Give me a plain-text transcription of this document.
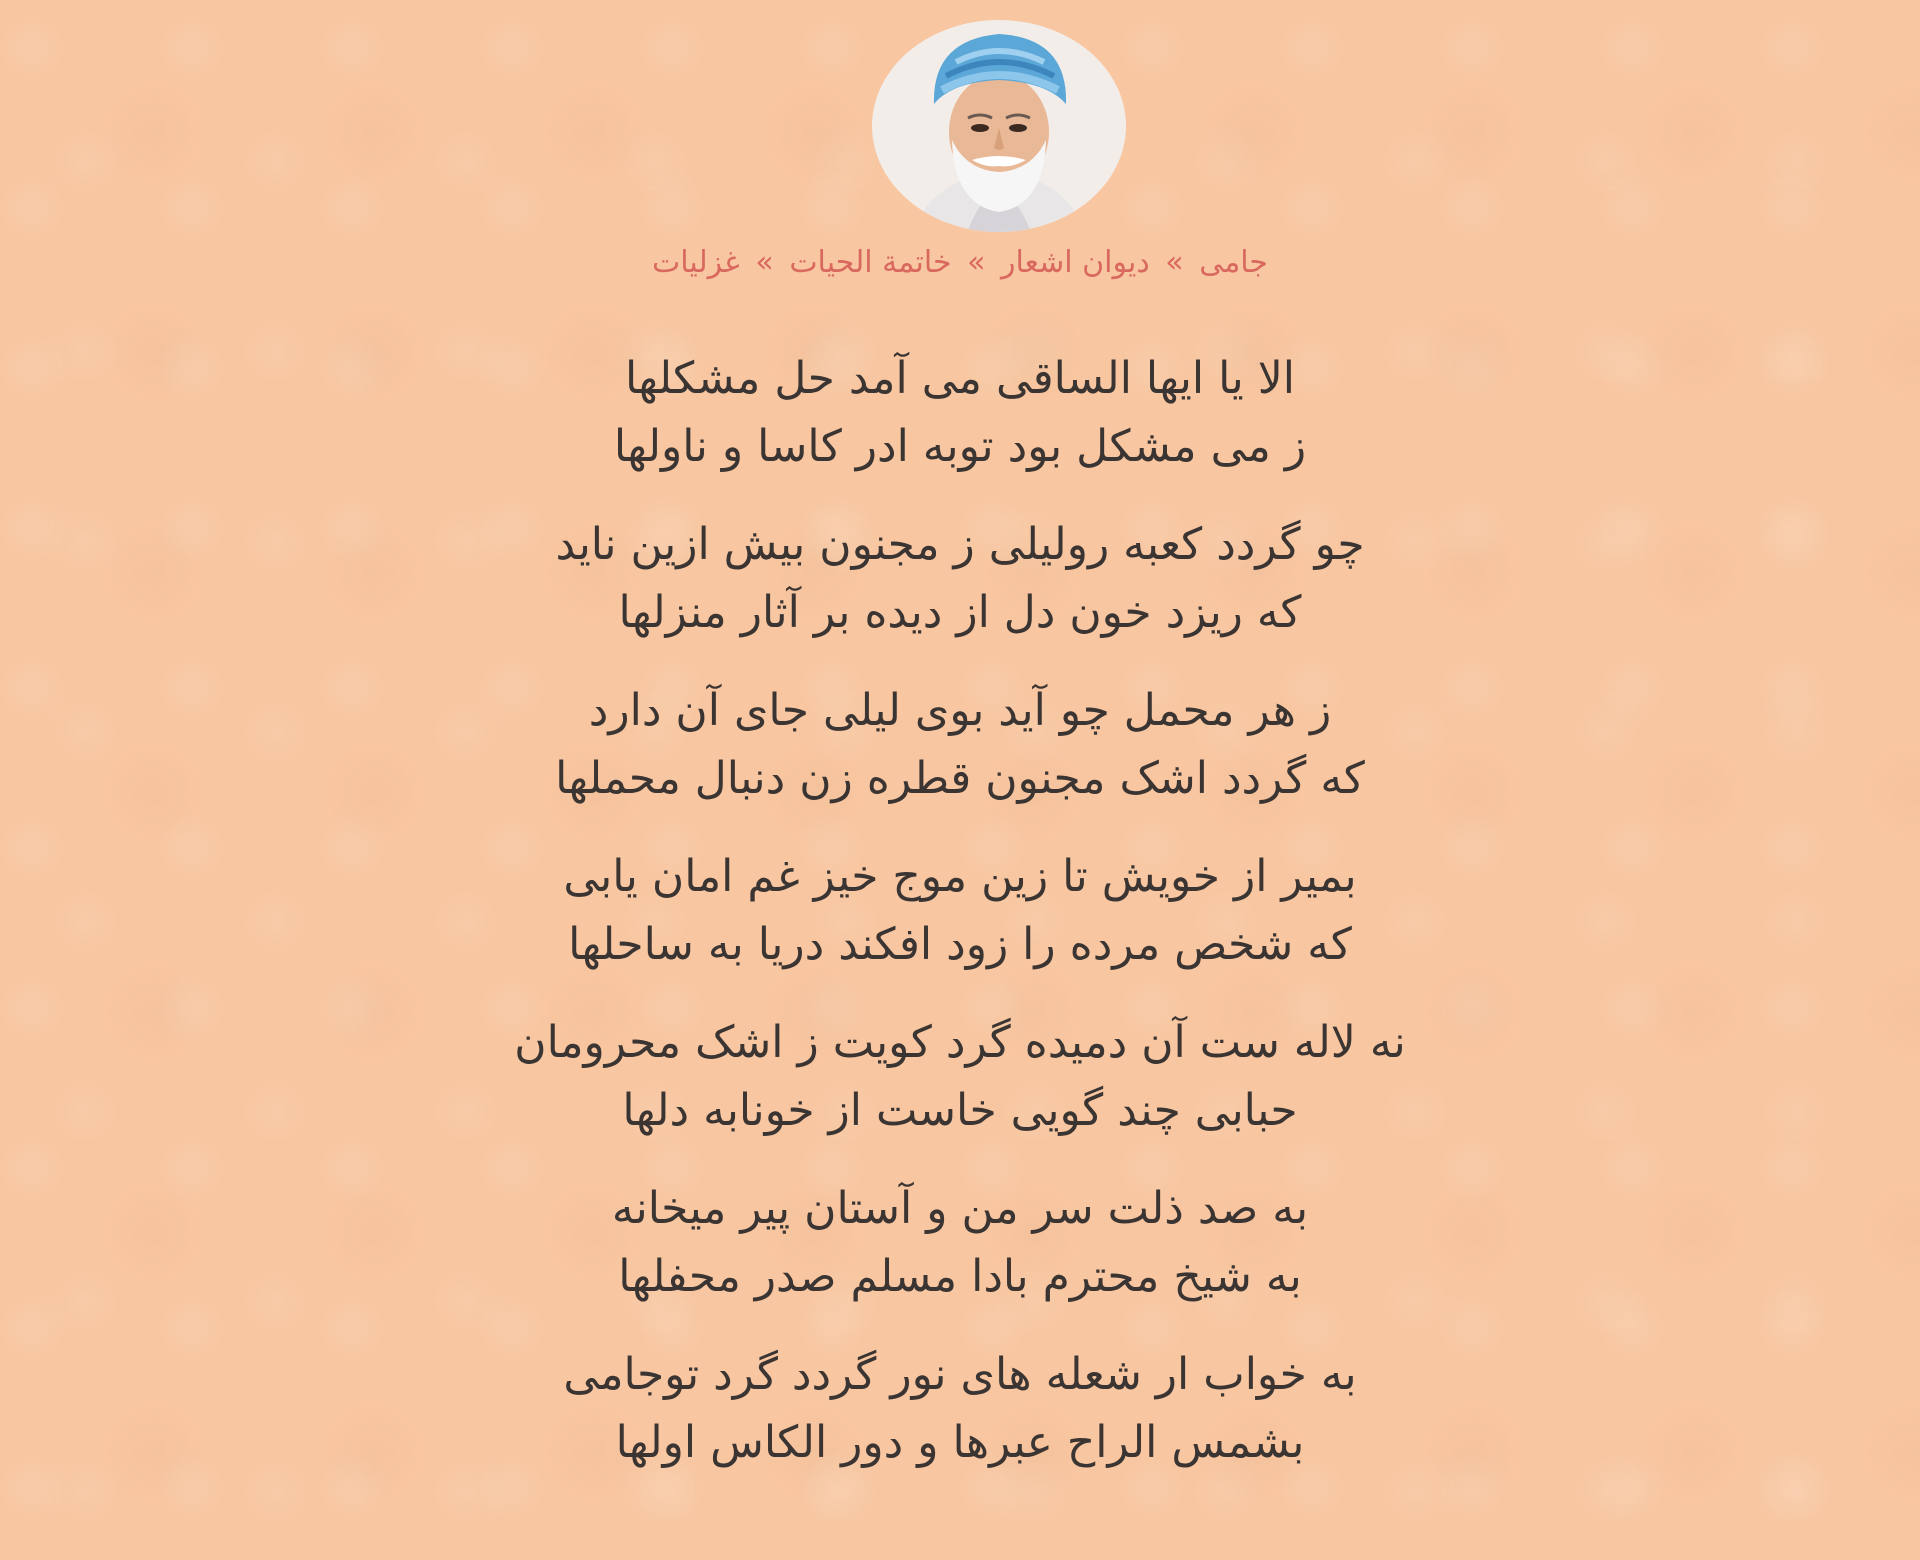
جامی » دیوان اشعار » خاتمة الحیات » غزلیات
الا یا ایها الساقی می آمد حل مشکلها
ز می مشکل بود توبه ادر کاسا و ناولها
چو گردد کعبه رولیلی ز مجنون بیش ازین ناید
که ریزد خون دل از دیده بر آثار منزلها
ز هر محمل چو آید بوی لیلی جای آن دارد
که گردد اشک مجنون قطره زن دنبال محملها
بمیر از خویش تا زین موج خیز غم امان یابی
که شخص مرده را زود افکند دریا به ساحلها
نه لاله ست آن دمیده گرد کویت ز اشک محرومان
حبابی چند گویی خاست از خونابه دلها
به صد ذلت سر من و آستان پیر میخانه
به شیخ محترم بادا مسلم صدر محفلها
به خواب ار شعله های نور گردد گرد توجامی
بشمس الراح عبرها و دور الکاس اولها
